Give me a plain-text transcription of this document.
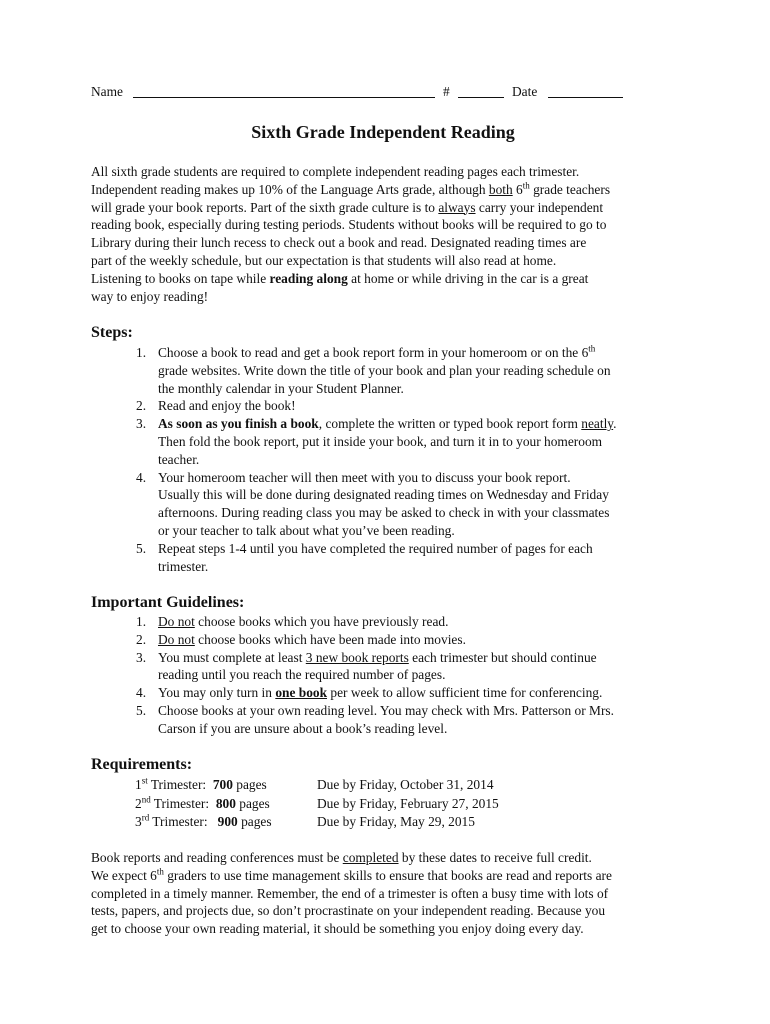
Name	#	Date
Sixth Grade Independent Reading

All sixth grade students are required to complete independent reading pages each trimester.

Independent reading makes up 10% of the Language Arts grade, although both 6th grade teachers

will grade your book reports. Part of the sixth grade culture is to always carry your independent

reading book, especially during testing periods. Students without books will be required to go to

Library during their lunch recess to check out a book and read. Designated reading times are

part of the weekly schedule, but our expectation is that students will also read at home.

Listening to books on tape while reading along at home or while driving in the car is a great

way to enjoy reading!

Steps:
1. Choose a book to read and get a book report form in your homeroom or on the 6th
grade websites. Write down the title of your book and plan your reading schedule on
the monthly calendar in your Student Planner.
2. Read and enjoy the book!
3. As soon as you finish a book, complete the written or typed book report form neatly.
Then fold the book report, put it inside your book, and turn it in to your homeroom
teacher.
4. Your homeroom teacher will then meet with you to discuss your book report.
Usually this will be done during designated reading times on Wednesday and Friday
afternoons. During reading class you may be asked to check in with your classmates
or your teacher to talk about what you’ve been reading.
5. Repeat steps 1-4 until you have completed the required number of pages for each
trimester.
Important Guidelines:
1. Do not choose books which you have previously read.
2. Do not choose books which have been made into movies.
3. You must complete at least 3 new book reports each trimester but should continue
reading until you reach the required number of pages.
4. You may only turn in one book per week to allow sufficient time for conferencing.
5. Choose books at your own reading level. You may check with Mrs. Patterson or Mrs.
Carson if you are unsure about a book’s reading level.
Requirements:
1st Trimester:  700 pages	Due by Friday, October 31, 2014
2nd Trimester:  800 pages	Due by Friday, February 27, 2015
3rd Trimester:   900 pages	Due by Friday, May 29, 2015

Book reports and reading conferences must be completed by these dates to receive full credit.

We expect 6th graders to use time management skills to ensure that books are read and reports are

completed in a timely manner. Remember, the end of a trimester is often a busy time with lots of

tests, papers, and projects due, so don’t procrastinate on your independent reading. Because you

get to choose your own reading material, it should be something you enjoy doing every day.
